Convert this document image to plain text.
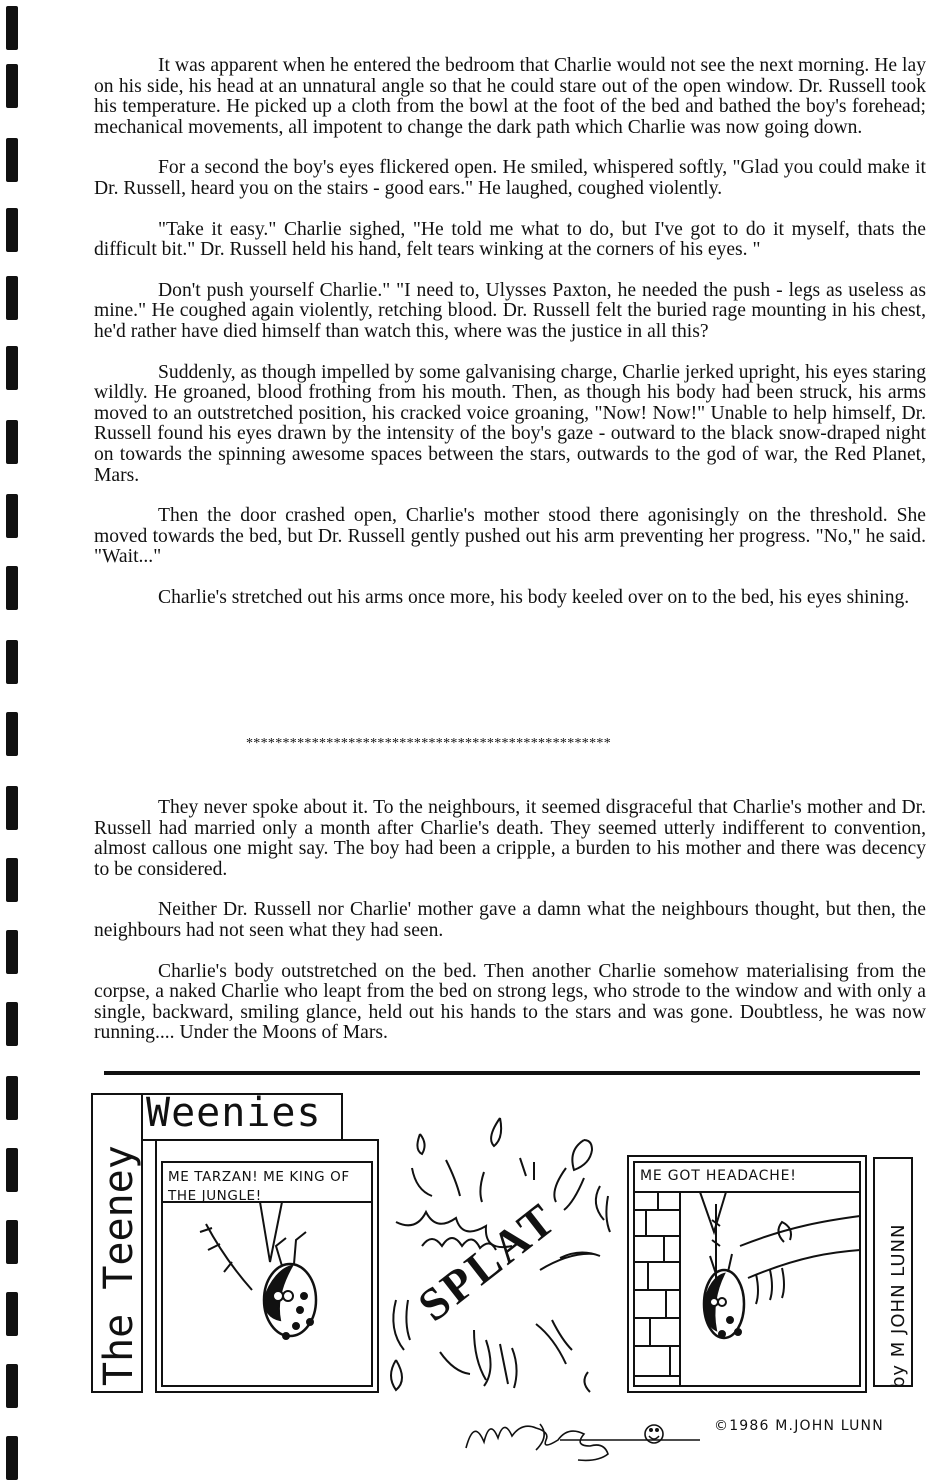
It was apparent when he entered the bedroom that Charlie would not see the next morning. He lay on his side, his head at an unnatural angle so that he could stare out of the open window. Dr. Russell took his temperature. He picked up a cloth from the bowl at the foot of the bed and bathed the boy's forehead; mechanical movements, all impotent to change the dark path which Charlie was now going down.

For a second the boy's eyes flickered open. He smiled, whispered softly, "Glad you could make it Dr. Russell, heard you on the stairs - good ears." He laughed, coughed violently.

"Take it easy." Charlie sighed, "He told me what to do, but I've got to do it myself, thats the difficult bit." Dr. Russell held his hand, felt tears winking at the corners of his eyes. "

Don't push yourself Charlie." "I need to, Ulysses Paxton, he needed the push - legs as useless as mine." He coughed again violently, retching blood. Dr. Russell felt the buried rage mounting in his chest, he'd rather have died himself than watch this, where was the justice in all this?

Suddenly, as though impelled by some galvanising charge, Charlie jerked upright, his eyes staring wildly. He groaned, blood frothing from his mouth. Then, as though his body had been struck, his arms moved to an outstretched position, his cracked voice groaning, "Now! Now!" Unable to help himself, Dr. Russell found his eyes drawn by the intensity of the boy's gaze - outward to the black snow-draped night on towards the spinning awesome spaces between the stars, outwards to the god of war, the Red Planet, Mars.

Then the door crashed open, Charlie's mother stood there agonisingly on the threshold. She moved towards the bed, but Dr. Russell gently pushed out his arm preventing her progress. "No," he said. "Wait..."

Charlie's stretched out his arms once more, his body keeled over on to the bed, his eyes shining.

**************************************************

They never spoke about it. To the neighbours, it seemed disgraceful that Charlie's mother and Dr. Russell had married only a month after Charlie's death. They seemed utterly indifferent to convention, almost callous one might say. The boy had been a cripple, a burden to his mother and there was decency to be considered.

Neither Dr. Russell nor Charlie' mother gave a damn what the neighbours thought, but then, the neighbours had not seen what they had seen.

Charlie's body outstretched on the bed. Then another Charlie somehow materialising from the corpse, a naked Charlie who leapt from the bed on strong legs, who strode to the window and with only a single, backward, smiling glance, held out his hands to the stars and was gone. Doubtless, he was now running.... Under the Moons of Mars.

Weenies
The Teeney	by M JOHN LUNN
ME TARZAN! ME KING OF THE JUNGLE!
ME GOT HEADACHE!
SPLAT
©1986 M.JOHN LUNN
